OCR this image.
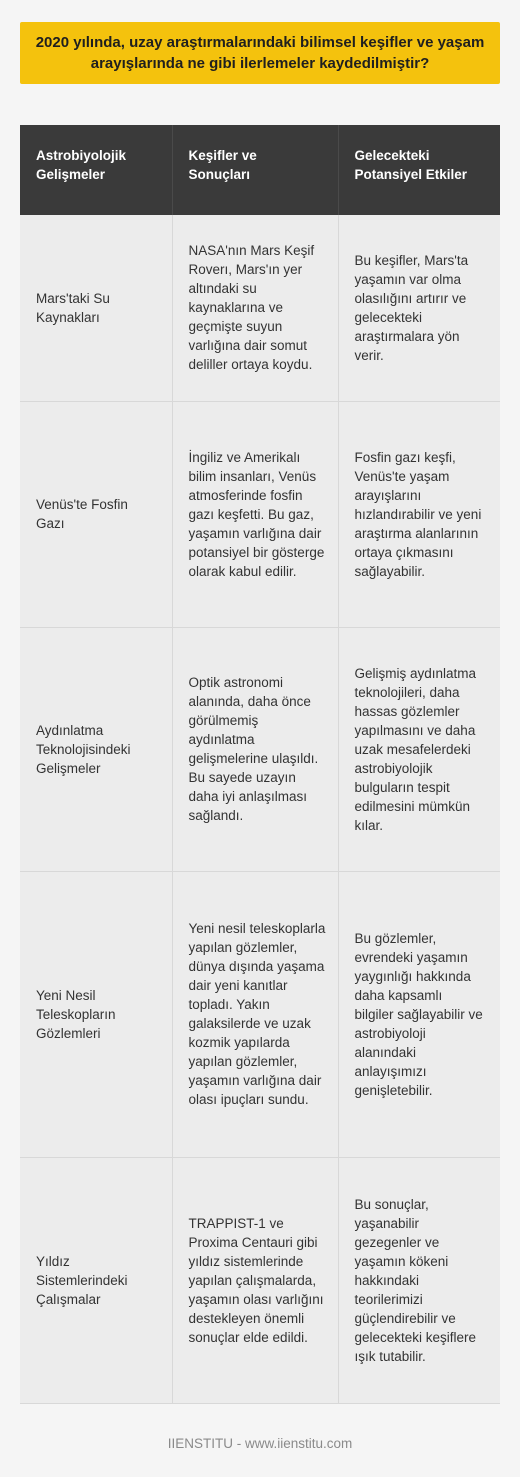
2020 yılında, uzay araştırmalarındaki bilimsel keşifler ve yaşam arayışlarında ne gibi ilerlemeler kaydedilmiştir?
Astrobiyolojik Gelişmeler	Keşifler ve Sonuçları	Gelecekteki Potansiyel Etkiler
Mars'taki Su Kaynakları	NASA'nın Mars Keşif Roverı, Mars'ın yer altındaki su kaynaklarına ve geçmişte suyun varlığına dair somut deliller ortaya koydu.	Bu keşifler, Mars'ta yaşamın var olma olasılığını artırır ve gelecekteki araştırmalara yön verir.
Venüs'te Fosfin Gazı	İngiliz ve Amerikalı bilim insanları, Venüs atmosferinde fosfin gazı keşfetti. Bu gaz, yaşamın varlığına dair potansiyel bir gösterge olarak kabul edilir.	Fosfin gazı keşfi, Venüs'te yaşam arayışlarını hızlandırabilir ve yeni araştırma alanlarının ortaya çıkmasını sağlayabilir.
Aydınlatma Teknolojisindeki Gelişmeler	Optik astronomi alanında, daha önce görülmemiş aydınlatma gelişmelerine ulaşıldı. Bu sayede uzayın daha iyi anlaşılması sağlandı.	Gelişmiş aydınlatma teknolojileri, daha hassas gözlemler yapılmasını ve daha uzak mesafelerdeki astrobiyolojik bulguların tespit edilmesini mümkün kılar.
Yeni Nesil Teleskopların Gözlemleri	Yeni nesil teleskoplarla yapılan gözlemler, dünya dışında yaşama dair yeni kanıtlar topladı. Yakın galaksilerde ve uzak kozmik yapılarda yapılan gözlemler, yaşamın varlığına dair olası ipuçları sundu.	Bu gözlemler, evrendeki yaşamın yaygınlığı hakkında daha kapsamlı bilgiler sağlayabilir ve astrobiyoloji alanındaki anlayışımızı genişletebilir.
Yıldız Sistemlerindeki Çalışmalar	TRAPPIST-1 ve Proxima Centauri gibi yıldız sistemlerinde yapılan çalışmalarda, yaşamın olası varlığını destekleyen önemli sonuçlar elde edildi.	Bu sonuçlar, yaşanabilir gezegenler ve yaşamın kökeni hakkındaki teorilerimizi güçlendirebilir ve gelecekteki keşiflere ışık tutabilir.
IIENSTITU - www.iienstitu.com
